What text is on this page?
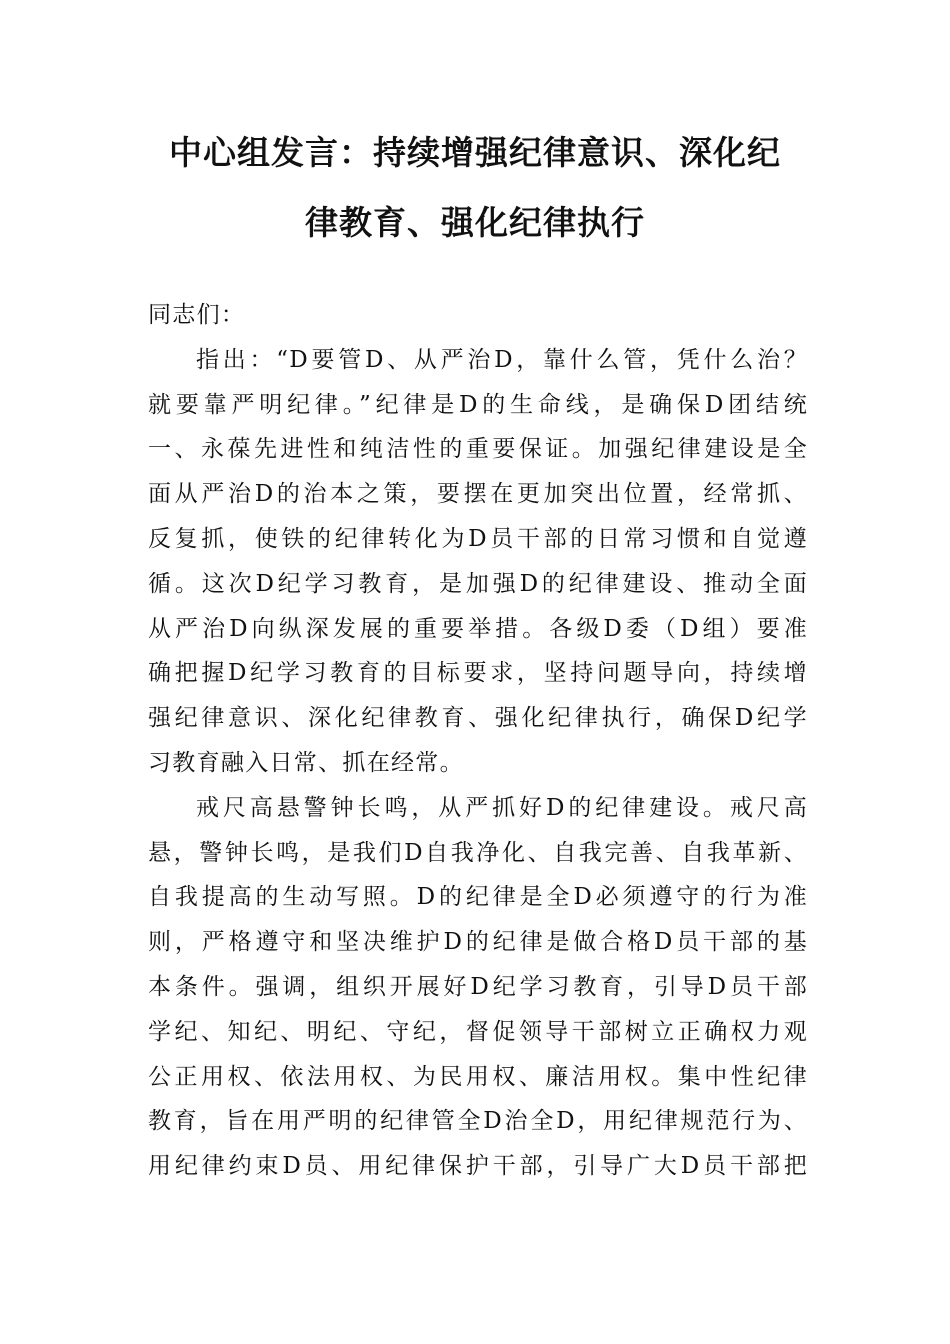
中心组发言：持续增强纪律意识、深化纪
律教育、强化纪律执行
同志们：
指出：“D要管D、从严治D，靠什么管，凭什么治？
就要靠严明纪律。”纪律是D的生命线，是确保D团结统
一、永葆先进性和纯洁性的重要保证。加强纪律建设是全
面从严治D的治本之策，要摆在更加突出位置，经常抓、
反复抓，使铁的纪律转化为D员干部的日常习惯和自觉遵
循。这次D纪学习教育，是加强D的纪律建设、推动全面
从严治D向纵深发展的重要举措。各级D委（D组）要准
确把握D纪学习教育的目标要求，坚持问题导向，持续增
强纪律意识、深化纪律教育、强化纪律执行，确保D纪学
习教育融入日常、抓在经常。
戒尺高悬警钟长鸣，从严抓好D的纪律建设。戒尺高
悬，警钟长鸣，是我们D自我净化、自我完善、自我革新、
自我提高的生动写照。D的纪律是全D必须遵守的行为准
则，严格遵守和坚决维护D的纪律是做合格D员干部的基
本条件。强调，组织开展好D纪学习教育，引导D员干部
学纪、知纪、明纪、守纪，督促领导干部树立正确权力观
公正用权、依法用权、为民用权、廉洁用权。集中性纪律
教育，旨在用严明的纪律管全D治全D，用纪律规范行为、
用纪律约束D员、用纪律保护干部，引导广大D员干部把
